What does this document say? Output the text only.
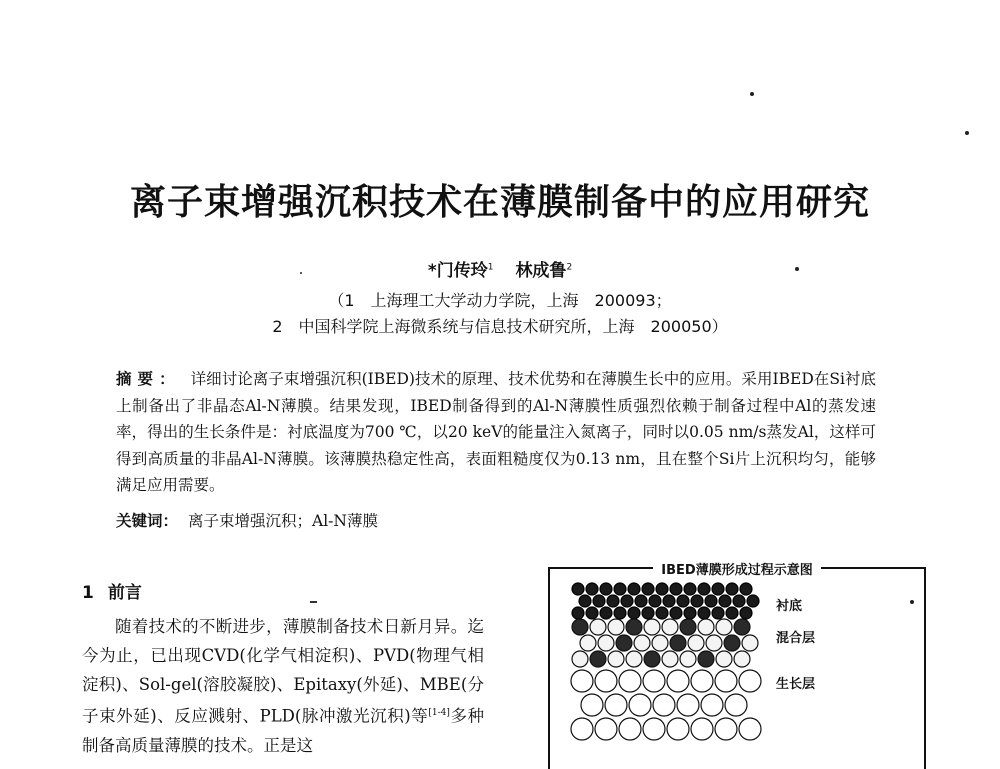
离子束增强沉积技术在薄膜制备中的应用研究
*门传玲$^1$ 林成鲁$^2$
（1　上海理工大学动力学院，上海　200093；
2　中国科学院上海微系统与信息技术研究所，上海　200050）
摘要： 详细讨论离子束增强沉积(IBED)技术的原理、技术优势和在薄膜生长中的应用。采用IBED在Si衬底上制备出了非晶态Al-N薄膜。结果发现，IBED制备得到的Al-N薄膜性质强烈依赖于制备过程中Al的蒸发速率，得出的生长条件是：衬底温度为700 ℃，以20 keV的能量注入氮离子，同时以0.05 nm/s蒸发Al，这样可得到高质量的非晶Al-N薄膜。该薄膜热稳定性高，表面粗糙度仅为0.13 nm，且在整个Si片上沉积均匀，能够满足应用需要。
关键词： 离子束增强沉积；Al-N薄膜
1 前言
随着技术的不断进步，薄膜制备技术日新月异。迄今为止，已出现CVD(化学气相淀积)、PVD(物理气相淀积)、Sol-gel(溶胶凝胶)、Epitaxy(外延)、MBE(分子束外延)、反应溅射、PLD(脉冲激光沉积)等[1-4]多种制备高质量薄膜的技术。正是这
IBED薄膜形成过程示意图
衬底
混合层
生长层
